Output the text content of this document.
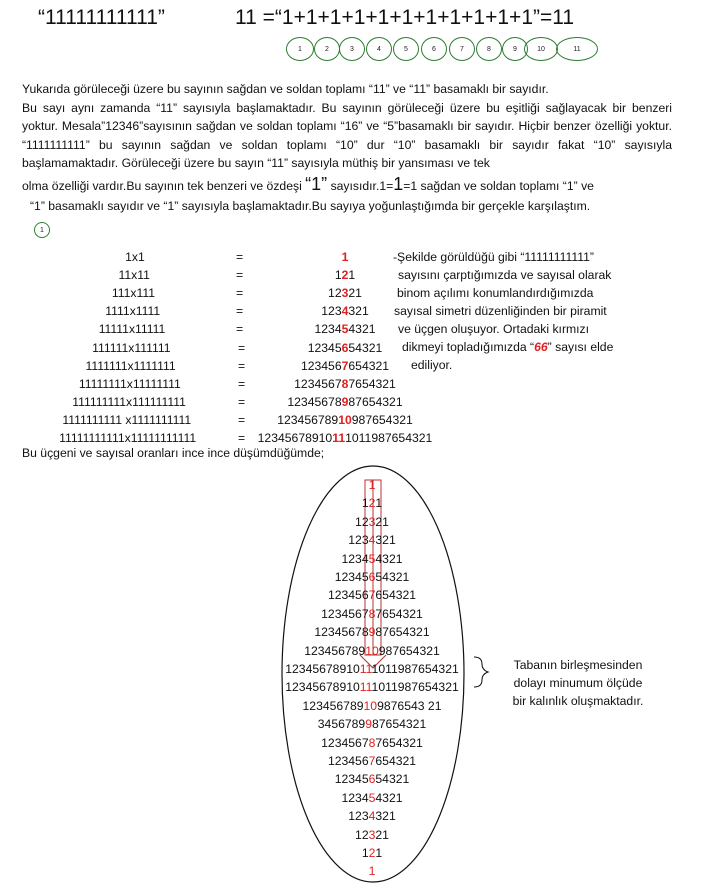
“11111111111”	11 =“1+1+1+1+1+1+1+1+1+1+1”=11
1	2	3	4	5	6	7	8	9	10	11
Yukarıda görüleceği üzere bu sayının sağdan ve soldan toplamı “11” ve “11” basamaklı bir sayıdır.
Bu sayı aynı zamanda “11” sayısıyla başlamaktadır. Bu sayının görüleceği üzere bu eşitliği sağlayacak bir benzeri yoktur. Mesala”12346”sayısının sağdan ve soldan toplamı “16” ve “5”basamaklı bir sayıdır. Hiçbir benzer özelliği yoktur. “1111111111” bu sayının sağdan ve soldan toplamı “10” dur “10” basamaklı bir sayıdır fakat “10” sayısıyla başlamamaktadır. Görüleceği üzere bu sayın “11” sayısıyla müthiş bir yansıması ve tek
olma özelliği vardır.Bu sayının tek benzeri ve özdeşi “1” sayısıdır.1=1=1 sağdan ve soldan toplamı “1” ve
“1” basamaklı sayıdır ve “1” sayısıyla başlamaktadır.Bu sayıya yoğunlaştığımda bir gerçekle karşılaştım.
1
1x1	=	1
11x11	=	121
111x111	=	12321
1111x1111	=	1234321
11111x11111	=	123454321
111111x111111	=	12345654321
1111111x1111111	=	1234567654321
11111111x11111111	=	123456787654321
111111111x111111111	=	12345678987654321
1111111111 x1111111111	=	12345678910987654321
11111111111x11111111111	=	12345678910111011987654321
-Şekilde görüldüğü gibi “11111111111”
sayısını çarptığımızda ve sayısal olarak
binom açılımı konumlandırdığımızda
sayısal simetri düzenliğinden bir piramit
ve üçgen oluşuyor. Ortadaki kırmızı
dikmeyi topladığımızda “66” sayısı elde
ediliyor.
Bu üçgeni ve sayısal oranları ince ince düşümdüğümde;
1
121
12321
1234321
123454321
12345654321
1234567654321
123456787654321
12345678987654321
12345678910987654321
12345678910111011987654321
12345678910111011987654321
123456789109876543 21
3456789987654321
123456787654321
1234567654321
12345654321
123454321
1234321
12321
121
1
Tabanın birleşmesinden
dolayı minumum ölçüde
bir kalınlık oluşmaktadır.
